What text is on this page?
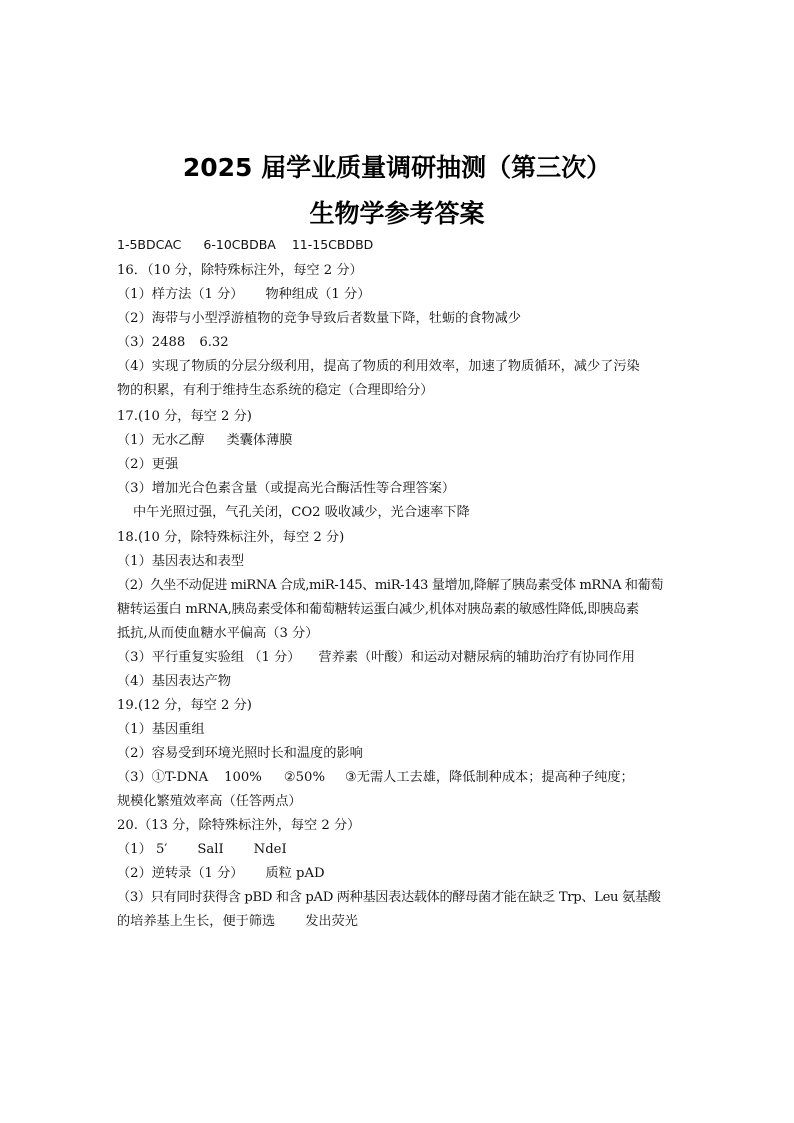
2025 届学业质量调研抽测（第三次）
生物学参考答案
1-5BDCAC 6-10CBDBA 11-15CBDBD
16．（10 分，除特殊标注外，每空 2 分）
（1）样方法（1 分） 物种组成（1 分）
（2）海带与小型浮游植物的竞争导致后者数量下降，牡蛎的食物减少
（3）2488 6.32
（4）实现了物质的分层分级利用，提高了物质的利用效率，加速了物质循环，减少了污染
物的积累，有利于维持生态系统的稳定（合理即给分）
17.(10 分，每空 2 分)
（1）无水乙醇 类囊体薄膜
（2）更强
（3）增加光合色素含量（或提高光合酶活性等合理答案）
中午光照过强，气孔关闭，CO2 吸收减少，光合速率下降
18.(10 分，除特殊标注外，每空 2 分)
（1）基因表达和表型
（2）久坐不动促进 miRNA 合成,miR-145、miR-143 量增加,降解了胰岛素受体 mRNA 和葡萄
糖转运蛋白 mRNA,胰岛素受体和葡萄糖转运蛋白减少,机体对胰岛素的敏感性降低,即胰岛素
抵抗,从而使血糖水平偏高（3 分）
（3）平行重复实验组 （1 分） 营养素（叶酸）和运动对糖尿病的辅助治疗有协同作用
（4）基因表达产物
19.(12 分，每空 2 分)
（1）基因重组
（2）容易受到环境光照时长和温度的影响
（3）①T-DNA 100% ②50% ③无需人工去雄，降低制种成本；提高种子纯度；
规模化繁殖效率高（任答两点）
20.（13 分，除特殊标注外，每空 2 分）
（1） 5′ SalI NdeI
（2）逆转录（1 分） 质粒 pAD
（3）只有同时获得含 pBD 和含 pAD 两种基因表达载体的酵母菌才能在缺乏 Trp、Leu 氨基酸
的培养基上生长，便于筛选 发出荧光
